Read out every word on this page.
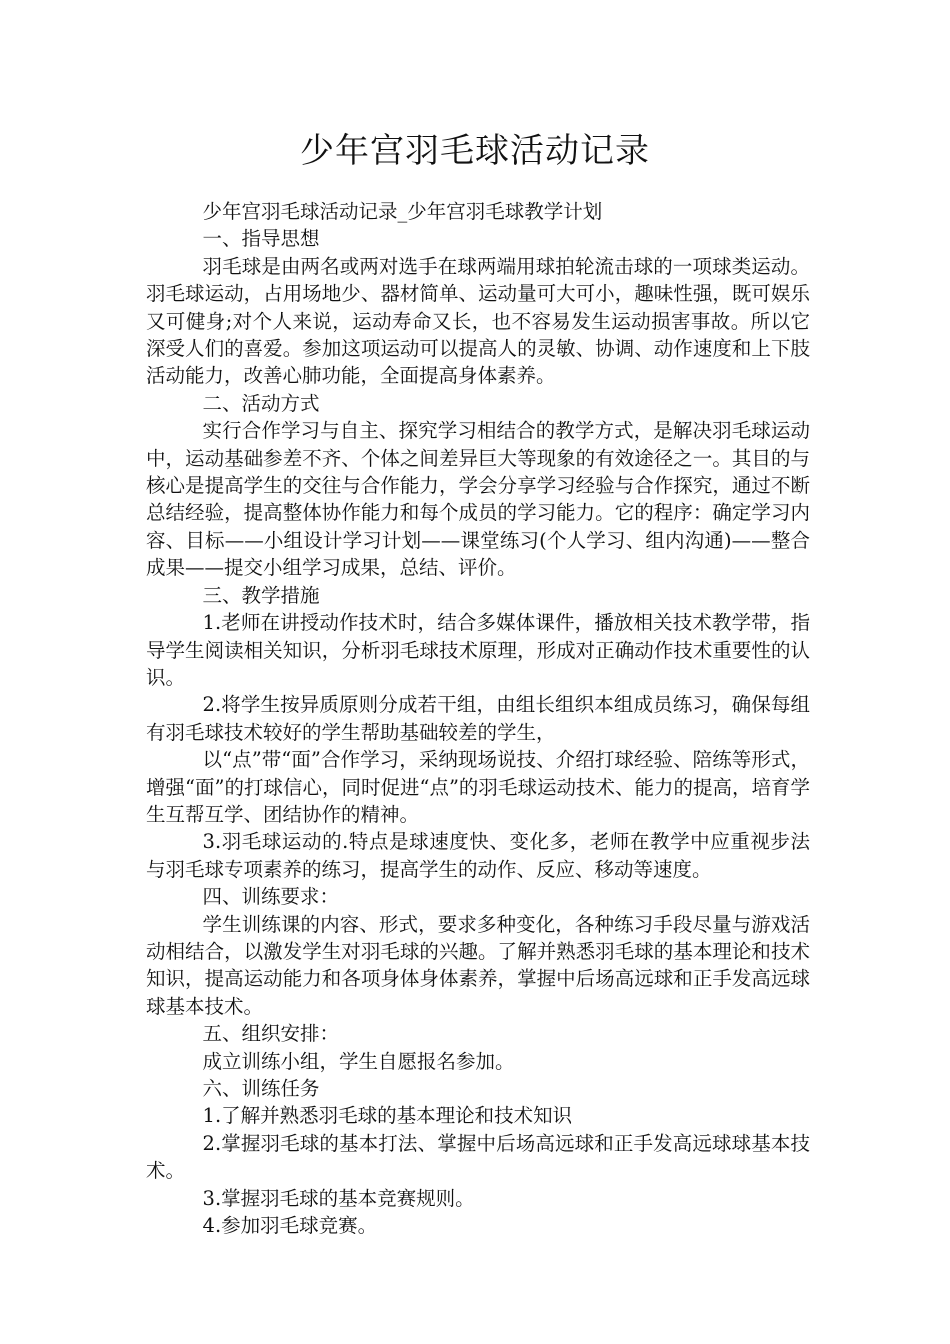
少年宫羽毛球活动记录

少年宫羽毛球活动记录_少年宫羽毛球教学计划

一、指导思想

羽毛球是由两名或两对选手在球两端用球拍轮流击球的一项球类运动。羽毛球运动，占用场地少、器材简单、运动量可大可小，趣味性强，既可娱乐又可健身;对个人来说，运动寿命又长，也不容易发生运动损害事故。所以它深受人们的喜爱。参加这项运动可以提高人的灵敏、协调、动作速度和上下肢活动能力，改善心肺功能，全面提高身体素养。

二、活动方式

实行合作学习与自主、探究学习相结合的教学方式，是解决羽毛球运动中，运动基础参差不齐、个体之间差异巨大等现象的有效途径之一。其目的与核心是提高学生的交往与合作能力，学会分享学习经验与合作探究，通过不断总结经验，提高整体协作能力和每个成员的学习能力。它的程序：确定学习内容、目标——小组设计学习计划——课堂练习(个人学习、组内沟通)——整合成果——提交小组学习成果，总结、评价。

三、教学措施

1.老师在讲授动作技术时，结合多媒体课件，播放相关技术教学带，指导学生阅读相关知识，分析羽毛球技术原理，形成对正确动作技术重要性的认识。

2.将学生按异质原则分成若干组，由组长组织本组成员练习，确保每组有羽毛球技术较好的学生帮助基础较差的学生，

以“点”带“面”合作学习，采纳现场说技、介绍打球经验、陪练等形式，增强“面”的打球信心，同时促进“点”的羽毛球运动技术、能力的提高，培育学生互帮互学、团结协作的精神。

3.羽毛球运动的.特点是球速度快、变化多，老师在教学中应重视步法与羽毛球专项素养的练习，提高学生的动作、反应、移动等速度。

四、训练要求：

学生训练课的内容、形式，要求多种变化，各种练习手段尽量与游戏活动相结合，以激发学生对羽毛球的兴趣。了解并熟悉羽毛球的基本理论和技术知识，提高运动能力和各项身体身体素养，掌握中后场高远球和正手发高远球球基本技术。

五、组织安排：

成立训练小组，学生自愿报名参加。

六、训练任务

1.了解并熟悉羽毛球的基本理论和技术知识

2.掌握羽毛球的基本打法、掌握中后场高远球和正手发高远球球基本技术。

3.掌握羽毛球的基本竞赛规则。

4.参加羽毛球竞赛。
